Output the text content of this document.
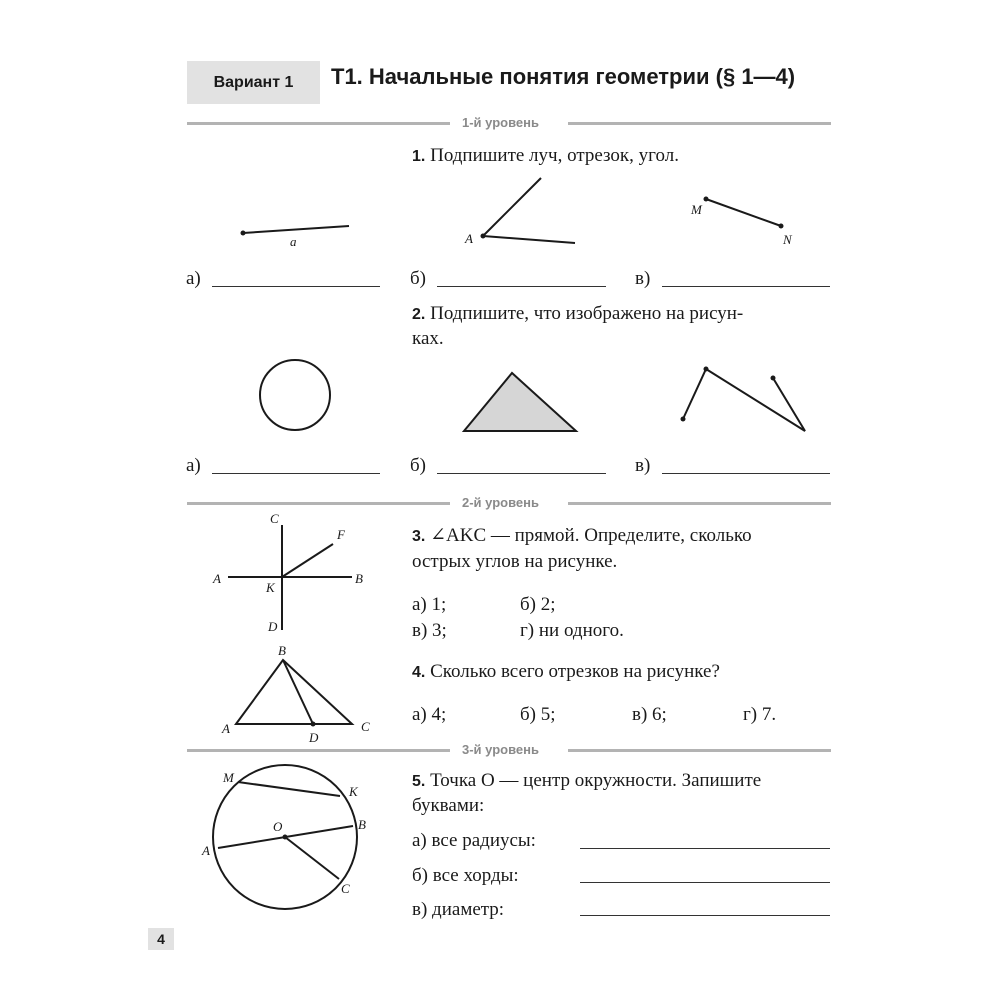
Вариант 1	Т1. Начальные понятия геометрии (§ 1—4)
1-й уровень
1. Подпишите луч, отрезок, угол.
а)	б)	в)
2. Подпишите, что изображено на рисун-
ках.
а)	б)	в)
2-й уровень
3. ∠AKC — прямой. Определите, сколько
острых углов на рисунке.
а) 1;	б) 2;
в) 3;	г) ни одного.
4. Сколько всего отрезков на рисунке?
а) 4;	б) 5;	в) 6;	г) 7.
3-й уровень
5. Точка O — центр окружности. Запишите
буквами:
а) все радиусы:
б) все хорды:
в) диаметр:
4
a	A
M
N
C
F
A
K
B
D
B
A	C
D
M
K
O	B
A
C
